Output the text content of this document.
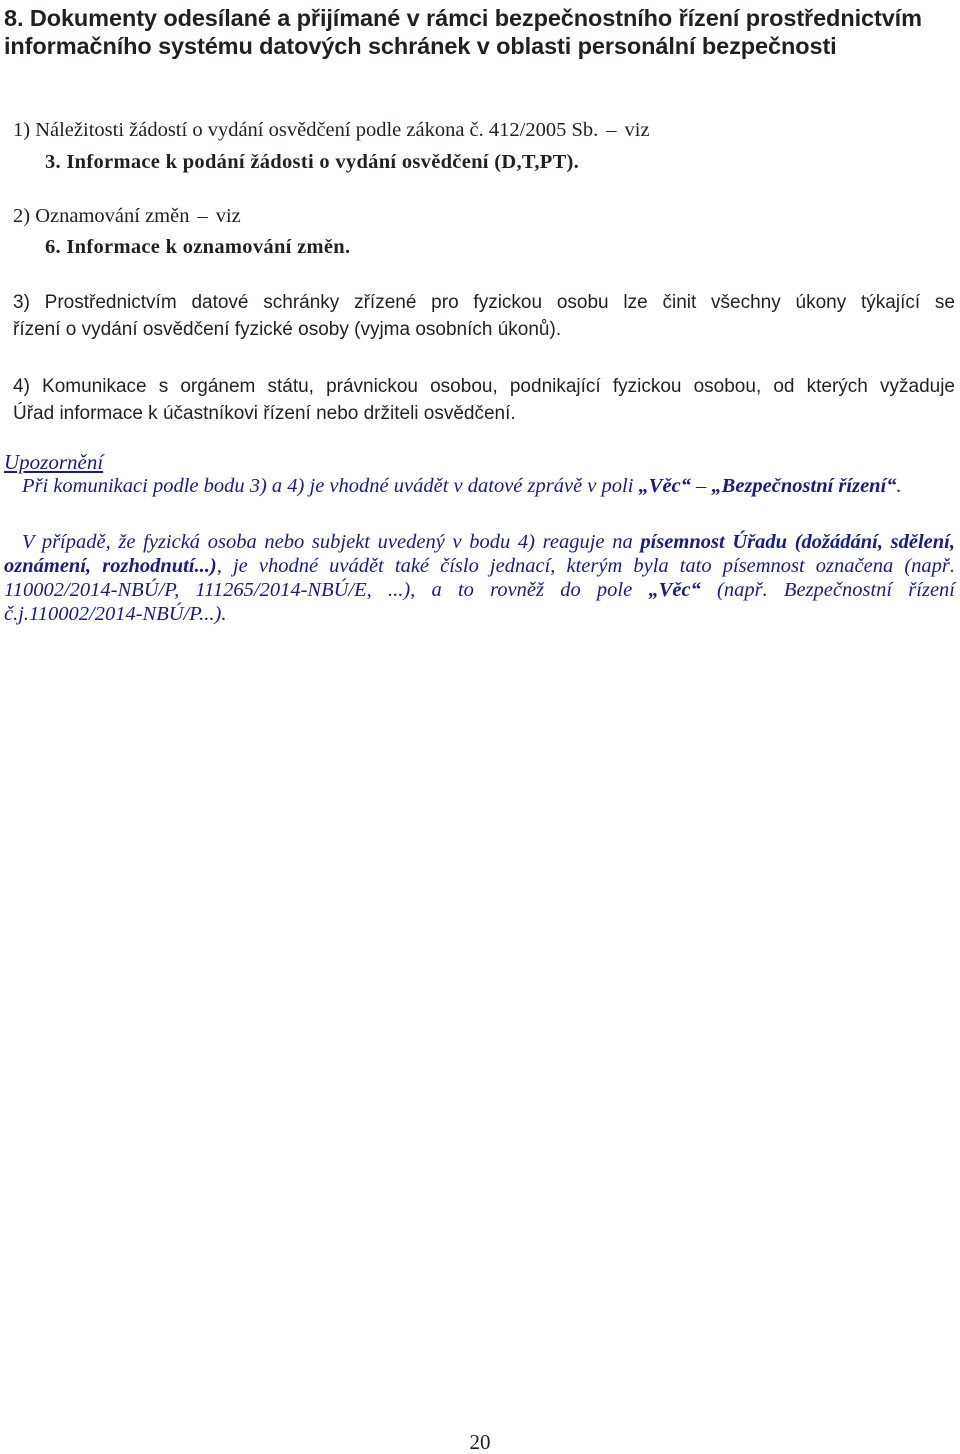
8. Dokumenty odesílané a přijímané v rámci bezpečnostního řízení prostřednictvím informačního systému datových schránek v oblasti personální bezpečnosti
1) Náležitosti žádostí o vydání osvědčení podle zákona č. 412/2005 Sb. – viz
3. Informace k podání žádosti o vydání osvědčení (D,T,PT).
2) Oznamování změn – viz
6. Informace k oznamování změn.
3) Prostřednictvím datové schránky zřízené pro fyzickou osobu lze činit všechny úkony týkající se
řízení o vydání osvědčení fyzické osoby (vyjma osobních úkonů).
4) Komunikace s orgánem státu, právnickou osobou, podnikající fyzickou osobou, od kterých vyžaduje
Úřad informace k účastníkovi řízení nebo držiteli osvědčení.
Upozornění
Při komunikaci podle bodu 3) a 4) je vhodné uvádět v datové zprávě v poli „Věc“ – „Bezpečnostní řízení“.
V případě, že fyzická osoba nebo subjekt uvedený v bodu 4) reaguje na písemnost Úřadu (dožádání, sdělení, oznámení, rozhodnutí...), je vhodné uvádět také číslo jednací, kterým byla tato písemnost označena (např. 110002/2014-NBÚ/P, 111265/2014-NBÚ/E, ...), a to rovněž do pole „Věc“ (např. Bezpečnostní řízení č.j.110002/2014-NBÚ/P...).
20
